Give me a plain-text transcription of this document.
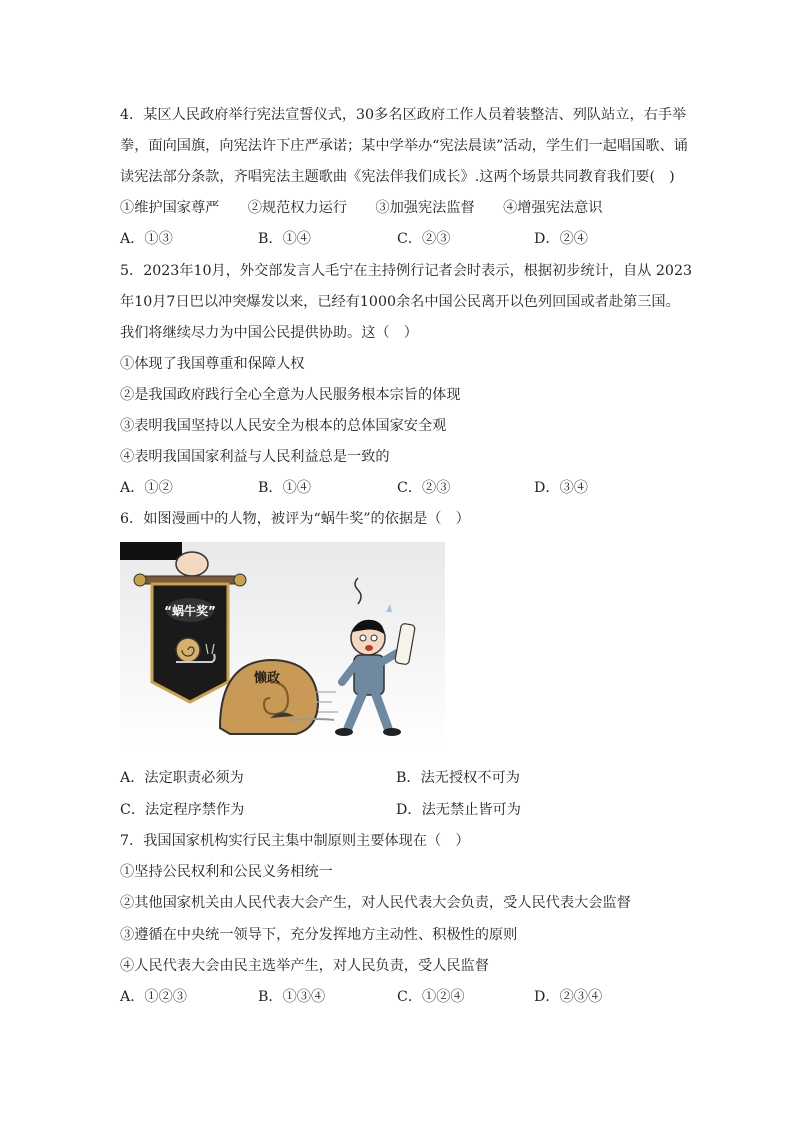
4．某区人民政府举行宪法宣誓仪式，30多名区政府工作人员着装整洁、列队站立，右手举
拳，面向国旗，向宪法许下庄严承诺；某中学举办“宪法晨读”活动，学生们一起唱国歌、诵
读宪法部分条款，齐唱宪法主题歌曲《宪法伴我们成长》.这两个场景共同教育我们要(　)
①维护国家尊严　　②规范权力运行　　③加强宪法监督　　④增强宪法意识
A．①③	B．①④	C．②③	D．②④
5．2023年10月，外交部发言人毛宁在主持例行记者会时表示，根据初步统计，自从 2023
年10月7日巴以冲突爆发以来，已经有1000余名中国公民离开以色列回国或者赴第三国。
我们将继续尽力为中国公民提供协助。这（　）
①体现了我国尊重和保障人权
②是我国政府践行全心全意为人民服务根本宗旨的体现
③表明我国坚持以人民安全为根本的总体国家安全观
④表明我国国家利益与人民利益总是一致的
A．①②	B．①④	C．②③	D．③④
6．如图漫画中的人物，被评为“蜗牛奖”的依据是（　）
“蜗牛奖”
懒政
A．法定职责必须为	B．法无授权不可为
C．法定程序禁作为	D．法无禁止皆可为
7．我国国家机构实行民主集中制原则主要体现在（　）
①坚持公民权利和公民义务相统一
②其他国家机关由人民代表大会产生，对人民代表大会负责，受人民代表大会监督
③遵循在中央统一领导下，充分发挥地方主动性、积极性的原则
④人民代表大会由民主选举产生，对人民负责，受人民监督
A．①②③	B．①③④	C．①②④	D．②③④
